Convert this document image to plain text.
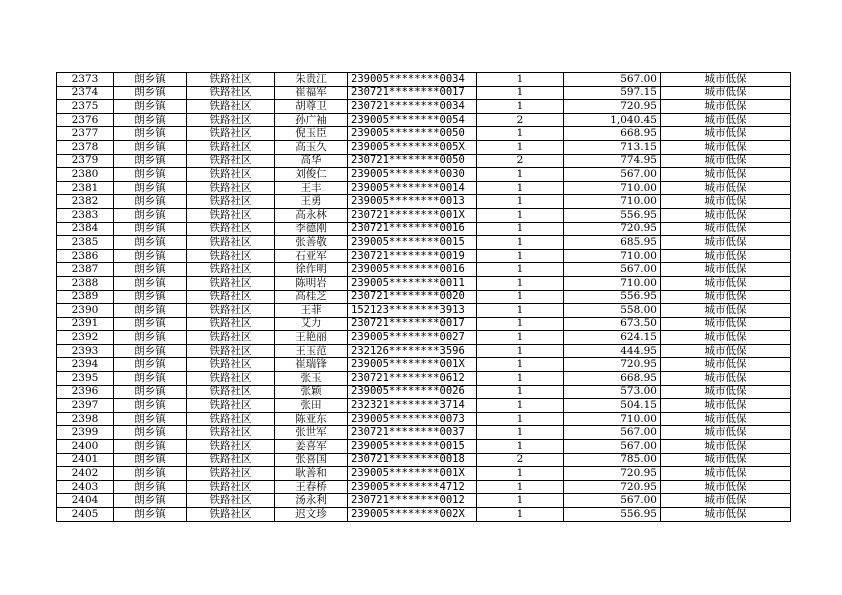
2373	朗乡镇	铁路社区	朱贵江	239005********0034	1	567.00	城市低保
2374	朗乡镇	铁路社区	崔福军	230721********0017	1	597.15	城市低保
2375	朗乡镇	铁路社区	胡尊卫	230721********0034	1	720.95	城市低保
2376	朗乡镇	铁路社区	孙广袖	239005********0054	2	1,040.45	城市低保
2377	朗乡镇	铁路社区	倪玉臣	239005********0050	1	668.95	城市低保
2378	朗乡镇	铁路社区	高玉久	239005********005X	1	713.15	城市低保
2379	朗乡镇	铁路社区	高华	230721********0050	2	774.95	城市低保
2380	朗乡镇	铁路社区	刘俊仁	239005********0030	1	567.00	城市低保
2381	朗乡镇	铁路社区	王丰	239005********0014	1	710.00	城市低保
2382	朗乡镇	铁路社区	王勇	239005********0013	1	710.00	城市低保
2383	朗乡镇	铁路社区	高永林	230721********001X	1	556.95	城市低保
2384	朗乡镇	铁路社区	李德刚	230721********0016	1	720.95	城市低保
2385	朗乡镇	铁路社区	张善敬	239005********0015	1	685.95	城市低保
2386	朗乡镇	铁路社区	石亚军	230721********0019	1	710.00	城市低保
2387	朗乡镇	铁路社区	徐作明	239005********0016	1	567.00	城市低保
2388	朗乡镇	铁路社区	陈明岩	239005********0011	1	710.00	城市低保
2389	朗乡镇	铁路社区	高桂芝	230721********0020	1	556.95	城市低保
2390	朗乡镇	铁路社区	王菲	152123********3913	1	558.00	城市低保
2391	朗乡镇	铁路社区	艾力	230721********0017	1	673.50	城市低保
2392	朗乡镇	铁路社区	王艳丽	239005********0027	1	624.15	城市低保
2393	朗乡镇	铁路社区	王玉范	232126********3596	1	444.95	城市低保
2394	朗乡镇	铁路社区	崔瑞锋	239005********001X	1	720.95	城市低保
2395	朗乡镇	铁路社区	张玉	230721********0612	1	668.95	城市低保
2396	朗乡镇	铁路社区	张颖	239005********0026	1	573.00	城市低保
2397	朗乡镇	铁路社区	张田	232321********3714	1	504.15	城市低保
2398	朗乡镇	铁路社区	陈亚东	239005********0073	1	710.00	城市低保
2399	朗乡镇	铁路社区	张世军	230721********0037	1	567.00	城市低保
2400	朗乡镇	铁路社区	姜喜军	239005********0015	1	567.00	城市低保
2401	朗乡镇	铁路社区	张喜国	230721********0018	2	785.00	城市低保
2402	朗乡镇	铁路社区	耿善和	239005********001X	1	720.95	城市低保
2403	朗乡镇	铁路社区	王春桥	239005********4712	1	720.95	城市低保
2404	朗乡镇	铁路社区	汤永利	230721********0012	1	567.00	城市低保
2405	朗乡镇	铁路社区	迟文珍	239005********002X	1	556.95	城市低保
